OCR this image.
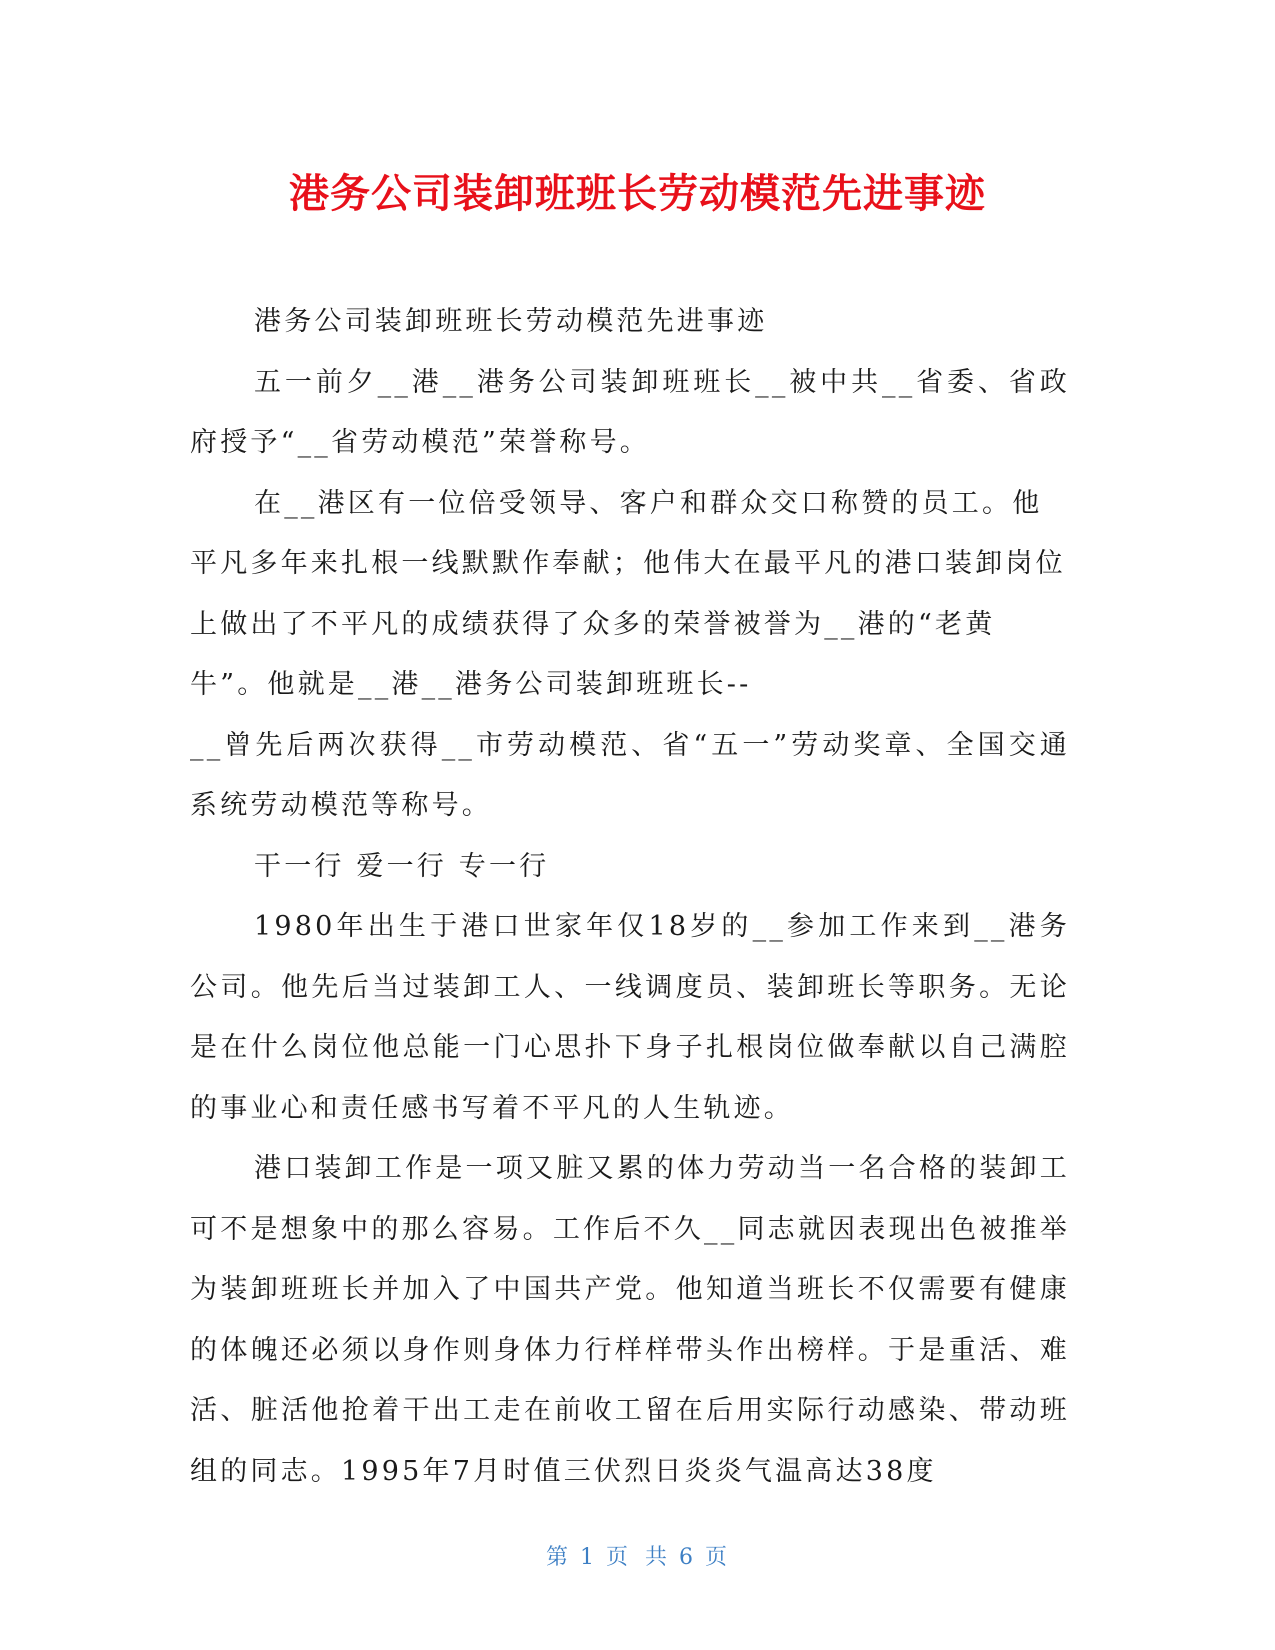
港务公司装卸班班长劳动模范先进事迹

港务公司装卸班班长劳动模范先进事迹

五一前夕__港__港务公司装卸班班长__被中共__省委、省政府授予“__省劳动模范”荣誉称号。

在__港区有一位倍受领导、客户和群众交口称赞的员工。他平凡多年来扎根一线默默作奉献；他伟大在最平凡的港口装卸岗位上做出了不平凡的成绩获得了众多的荣誉被誉为__港的“老黄牛”。他就是__港__港务公司装卸班班长--

__曾先后两次获得__市劳动模范、省“五一”劳动奖章、全国交通系统劳动模范等称号。

干一行 爱一行 专一行

1980年出生于港口世家年仅18岁的__参加工作来到__港务公司。他先后当过装卸工人、一线调度员、装卸班长等职务。无论是在什么岗位他总能一门心思扑下身子扎根岗位做奉献以自己满腔的事业心和责任感书写着不平凡的人生轨迹。

港口装卸工作是一项又脏又累的体力劳动当一名合格的装卸工可不是想象中的那么容易。工作后不久__同志就因表现出色被推举为装卸班班长并加入了中国共产党。他知道当班长不仅需要有健康的体魄还必须以身作则身体力行样样带头作出榜样。于是重活、难活、脏活他抢着干出工走在前收工留在后用实际行动感染、带动班组的同志。1995年7月时值三伏烈日炎炎气温高达38度

第 1 页 共 6 页
